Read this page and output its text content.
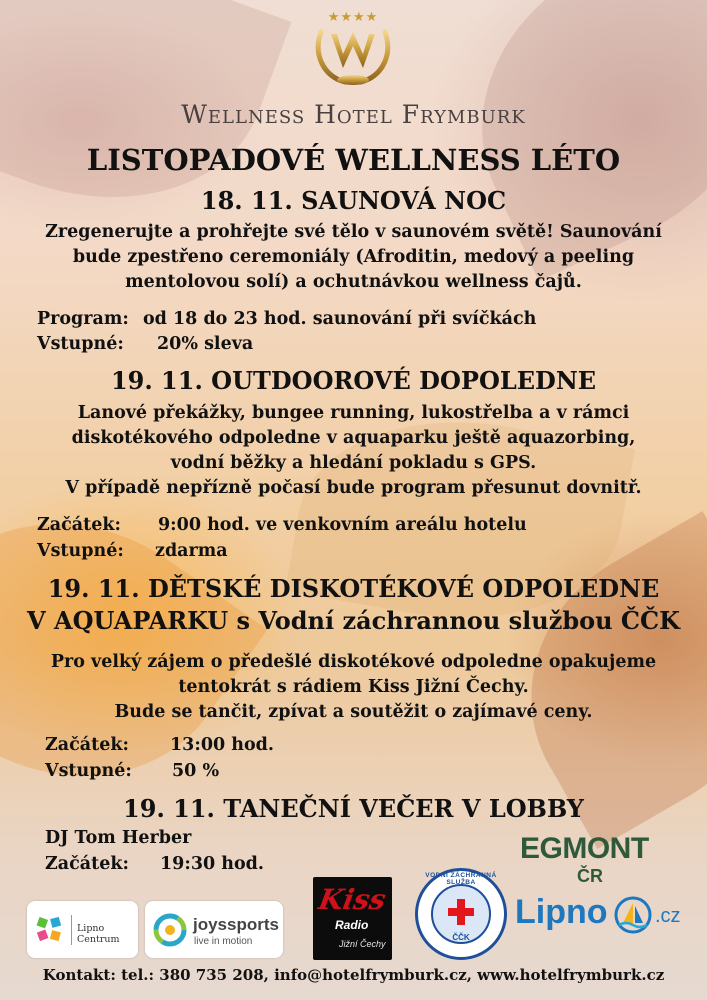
★★★★
Wellness Hotel Frymburk
LISTOPADOVÉ WELLNESS LÉTO
18. 11. SAUNOVÁ NOC
Zregenerujte a prohřejte své tělo v saunovém světě! Saunování
bude zpestřeno ceremoniály (Afroditin, medový a peeling
mentolovou solí) a ochutnávkou wellness čajů.
Program: od 18 do 23 hod. saunování při svíčkách
Vstupné: 20% sleva
19. 11. OUTDOOROVÉ DOPOLEDNE
Lanové překážky, bungee running, lukostřelba a v rámci
diskotékového odpoledne v aquaparku ještě aquazorbing,
vodní běžky a hledání pokladu s GPS.
V případě nepřízně počasí bude program přesunut dovnitř.
Začátek: 9:00 hod. ve venkovním areálu hotelu
Vstupné: zdarma
19. 11. DĚTSKÉ DISKOTÉKOVÉ ODPOLEDNE
V AQUAPARKU s Vodní záchrannou službou ČČK
Pro velký zájem o předešlé diskotékové odpoledne opakujeme
tentokrát s rádiem Kiss Jižní Čechy.
Bude se tančit, zpívat a soutěžit o zajímavé ceny.
Začátek: 13:00 hod.
Vstupné: 50 %
19. 11. TANEČNÍ VEČER V LOBBY
DJ Tom Herber
Začátek: 19:30 hod.
Lipno Centrum
joyssports
live in motion
Kiss
Radio
Jižní Čechy
VODNÍ ZÁCHRANNÁ SLUŽBA
ČČK
EGMONT
ČR
Lipno .cz
Kontakt: tel.: 380 735 208, info@hotelfrymburk.cz, www.hotelfrymburk.cz
